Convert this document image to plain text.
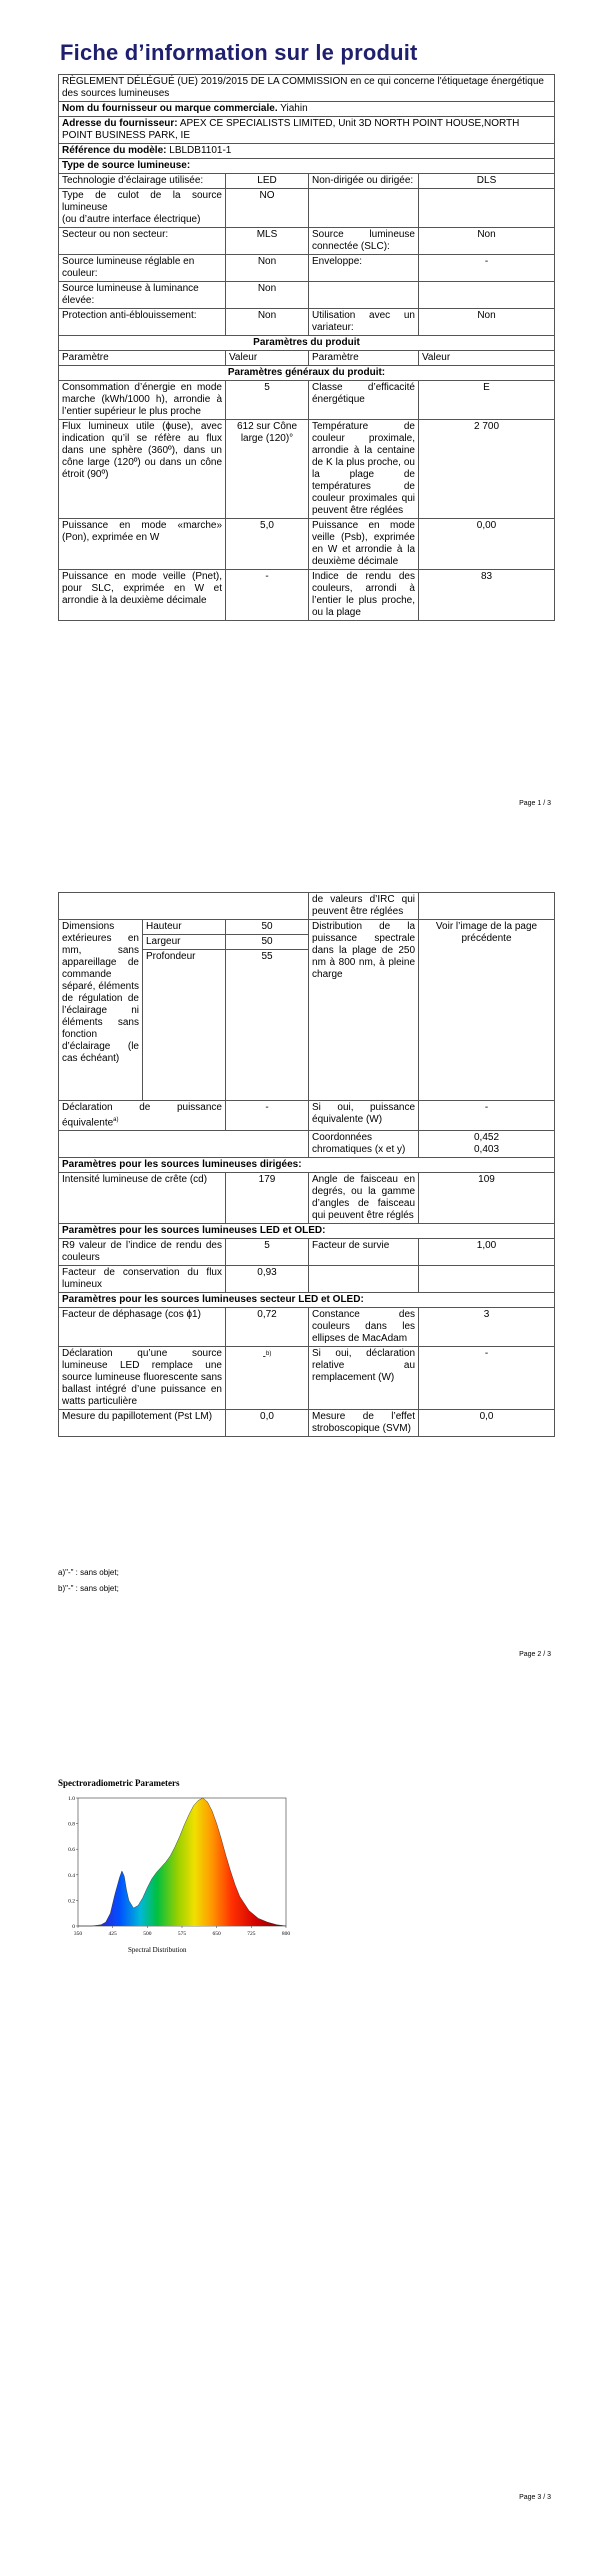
Fiche d’information sur le produit
RÈGLEMENT DÉLÉGUÉ (UE) 2019/2015 DE LA COMMISSION en ce qui concerne l'étiquetage énergétique des sources lumineuses			
Nom du fournisseur ou marque commerciale. Yiahin			
Adresse du fournisseur: APEX CE SPECIALISTS LIMITED, Unit 3D NORTH POINT HOUSE,NORTH POINT BUSINESS PARK, IE			
Référence du modèle: LBLDB1101-1			
Type de source lumineuse:			
Technologie d’éclairage utilisée:	LED	Non-dirigée ou dirigée:	DLS
Type de culot de la source lumineuse
(ou d’autre interface électrique)	NO		
Secteur ou non secteur:	MLS	Source lumineuse connectée (SLC):	Non
Source lumineuse réglable en couleur:	Non	Enveloppe:	-
Source lumineuse à luminance élevée:	Non		
Protection anti-éblouissement:	Non	Utilisation avec un variateur:	Non
Paramètres du produit			
Paramètre	Valeur	Paramètre	Valeur
Paramètres généraux du produit:			
Consommation d’énergie en mode marche (kWh/1000 h), arrondie à l’entier supérieur le plus proche	5	Classe d’efficacité énergétique	E
Flux lumineux utile (ɸuse), avec indication qu’il se réfère au flux dans une sphère (360º), dans un cône large (120º) ou dans un cône étroit (90º)	612 sur Cône large (120)°	Température de couleur proximale, arrondie à la centaine de K la plus proche, ou la plage de températures de couleur proximales qui peuvent être réglées	2 700
Puissance en mode «marche» (Pon), exprimée en W	5,0	Puissance en mode veille (Psb), exprimée en W et arrondie à la deuxième décimale	0,00
Puissance en mode veille (Pnet), pour SLC, exprimée en W et arrondie à la deuxième décimale	-	Indice de rendu des couleurs, arrondi à l’entier le plus proche, ou la plage	83
Page 1 / 3
			de valeurs d’IRC qui peuvent être réglées	
Dimensions extérieures en mm, sans appareillage de commande séparé, éléments de régulation de l’éclairage ni éléments sans fonction d’éclairage (le cas échéant)	Hauteur	50	Distribution de la puissance spectrale dans la plage de 250 nm à 800 nm, à pleine charge	Voir l’image de la page précédente
	Largeur	50		
	Profondeur	55		
Déclaration de puissance équivalente$^{a)}$		-	Si oui, puissance équivalente (W)	-
			Coordonnées chromatiques (x et y)	0,452
0,403
Paramètres pour les sources lumineuses dirigées:				
Intensité lumineuse de crête (cd)		179	Angle de faisceau en degrés, ou la gamme d’angles de faisceau qui peuvent être réglés	109
Paramètres pour les sources lumineuses LED et OLED:				
R9 valeur de l’indice de rendu des couleurs		5	Facteur de survie	1,00
Facteur de conservation du flux lumineux		0,93		
Paramètres pour les sources lumineuses secteur LED et OLED:				
Facteur de déphasage (cos ɸ1)		0,72	Constance des couleurs dans les ellipses de MacAdam	3
Déclaration qu’une source lumineuse LED remplace une source lumineuse fluorescente sans ballast intégré d’une puissance en watts particulière		-$^{b)}$	Si oui, déclaration relative au remplacement (W)	-
Mesure du papillotement (Pst LM)		0,0	Mesure de l’effet stroboscopique (SVM)	0,0
a)"-" : sans objet;
b)"-" : sans objet;
Page 2 / 3
Spectroradiometric Parameters
350	425	500	575	650	725	800
0
0.2
0.4
0.6
0.8
1.0
Spectral Distribution
Page 3 / 3
